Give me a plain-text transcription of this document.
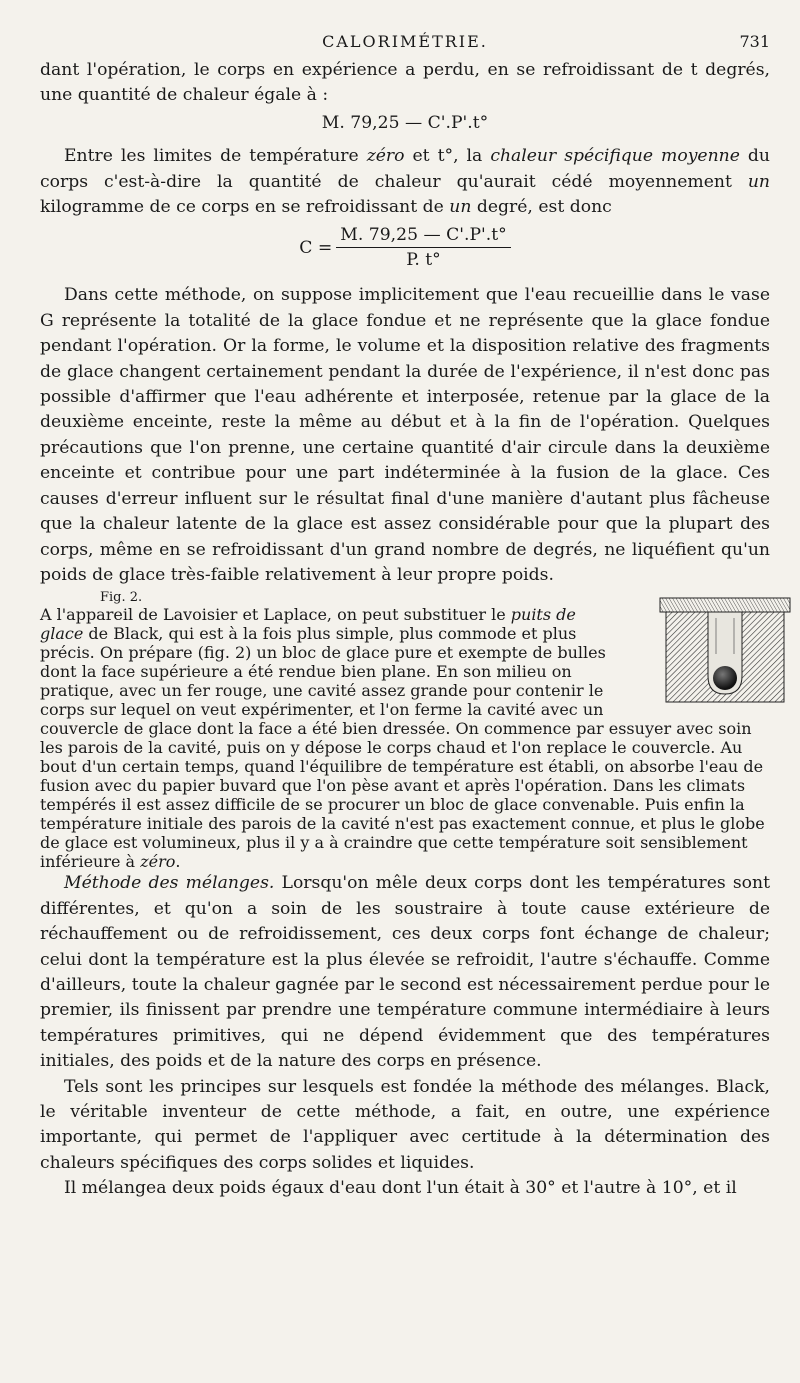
CALORIMÉTRIE.	731

dant l'opération, le corps en expérience a perdu, en se refroidissant de t degrés, une quantité de chaleur égale à :

M. 79,25 — C'.P'.t°

Entre les limites de température zéro et t°, la chaleur spécifique moyenne du corps c'est-à-dire la quantité de chaleur qu'aurait cédé moyennement un kilogramme de ce corps en se refroidissant de un degré, est donc

$C = \frac{M. 79,25 — C'.P'.t^\circ}{P. t^\circ}$

Dans cette méthode, on suppose implicitement que l'eau recueillie dans le vase G représente la totalité de la glace fondue et ne représente que la glace fondue pendant l'opération. Or la forme, le volume et la disposition relative des fragments de glace changent certainement pendant la durée de l'expérience, il n'est donc pas possible d'affirmer que l'eau adhérente et interposée, retenue par la glace de la deuxième enceinte, reste la même au début et à la fin de l'opération. Quelques précautions que l'on prenne, une certaine quantité d'air circule dans la deuxième enceinte et contribue pour une part indéterminée à la fusion de la glace. Ces causes d'erreur influent sur le résultat final d'une manière d'autant plus fâcheuse que la chaleur latente de la glace est assez considérable pour que la plupart des corps, même en se refroidissant d'un grand nombre de degrés, ne liquéfient qu'un poids de glace très-faible relativement à leur propre poids.

Fig. 2.
A l'appareil de Lavoisier et Laplace, on peut substituer le puits de glace de Black, qui est à la fois plus simple, plus commode et plus précis. On prépare (fig. 2) un bloc de glace pure et exempte de bulles dont la face supérieure a été rendue bien plane. En son milieu on pratique, avec un fer rouge, une cavité assez grande pour contenir le corps sur lequel on veut expérimenter, et l'on ferme la cavité avec un couvercle de glace dont la face a été bien dressée. On commence par essuyer avec soin les parois de la cavité, puis on y dépose le corps chaud et l'on replace le couvercle. Au bout d'un certain temps, quand l'équilibre de température est établi, on absorbe l'eau de fusion avec du papier buvard que l'on pèse avant et après l'opération. Dans les climats tempérés il est assez difficile de se procurer un bloc de glace convenable. Puis enfin la température initiale des parois de la cavité n'est pas exactement connue, et plus le globe de glace est volumineux, plus il y a à craindre que cette température soit sensiblement inférieure à zéro.

Méthode des mélanges. Lorsqu'on mêle deux corps dont les températures sont différentes, et qu'on a soin de les soustraire à toute cause extérieure de réchauffement ou de refroidissement, ces deux corps font échange de chaleur; celui dont la température est la plus élevée se refroidit, l'autre s'échauffe. Comme d'ailleurs, toute la chaleur gagnée par le second est nécessairement perdue pour le premier, ils finissent par prendre une température commune intermédiaire à leurs températures primitives, qui ne dépend évidemment que des températures initiales, des poids et de la nature des corps en présence.

Tels sont les principes sur lesquels est fondée la méthode des mélanges. Black, le véritable inventeur de cette méthode, a fait, en outre, une expérience importante, qui permet de l'appliquer avec certitude à la détermination des chaleurs spécifiques des corps solides et liquides.

Il mélangea deux poids égaux d'eau dont l'un était à 30° et l'autre à 10°, et il
